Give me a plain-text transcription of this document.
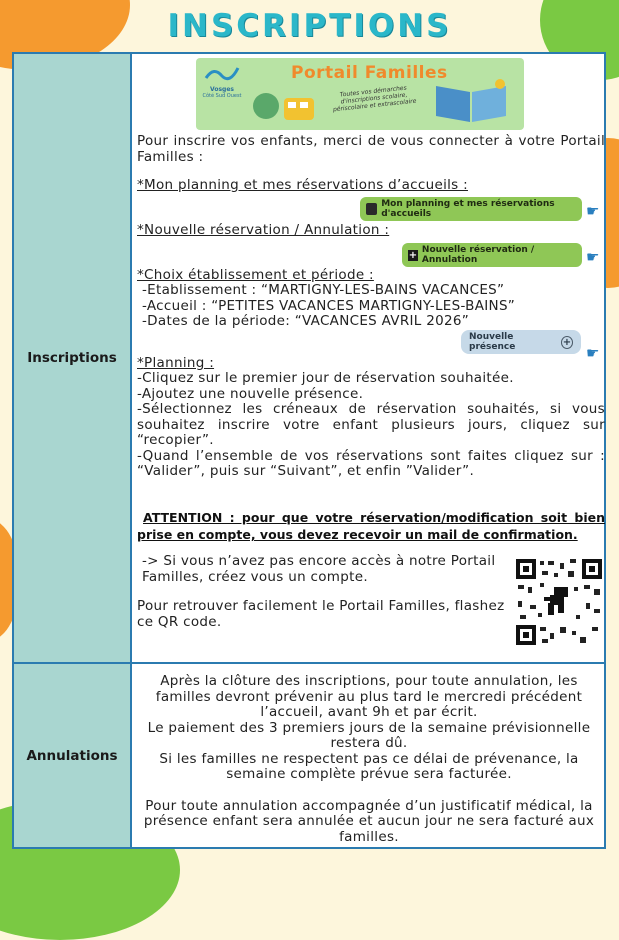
INSCRIPTIONS
Inscriptions
Vosges
Côté Sud Ouest
Portail Familles
Toutes vos démarches d'inscriptions scolaire, périscolaire et extrascolaire
Pour inscrire vos enfants, merci de vous connecter à votre Portail Familles :
*Mon planning et mes réservations d’accueils :
Mon planning et mes réservations d'accueils	☛
*Nouvelle réservation / Annulation :
+ Nouvelle réservation / Annulation	☛
*Choix établissement et période :
-Etablissement : “MARTIGNY-LES-BAINS VACANCES”
-Accueil : “PETITES VACANCES MARTIGNY-LES-BAINS”
-Dates de la période: “VACANCES AVRIL 2026”
Nouvelle présence	+
☛
*Planning :
-Cliquez sur le premier jour de réservation souhaitée.
-Ajoutez une nouvelle présence.
-Sélectionnez les créneaux de réservation souhaités, si vous souhaitez inscrire votre enfant plusieurs jours, cliquez sur “recopier”.
-Quand l’ensemble de vos réservations sont faites cliquez sur : “Valider”, puis sur “Suivant”, et enfin ”Valider”.
ATTENTION : pour que votre réservation/modification soit bien prise en compte, vous devez recevoir un mail de confirmation.
-> Si vous n’avez pas encore accès à notre Portail Familles, créez vous un compte.
Pour retrouver facilement le Portail Familles, flashez ce QR code.
Annulations
Après la clôture des inscriptions, pour toute annulation, les familles devront prévenir au plus tard le mercredi précédent l’accueil, avant 9h et par écrit.
Le paiement des 3 premiers jours de la semaine prévisionnelle restera dû.
Si les familles ne respectent pas ce délai de prévenance, la semaine complète prévue sera facturée.
Pour toute annulation accompagnée d’un justificatif médical, la présence enfant sera annulée et aucun jour ne sera facturé aux familles.
